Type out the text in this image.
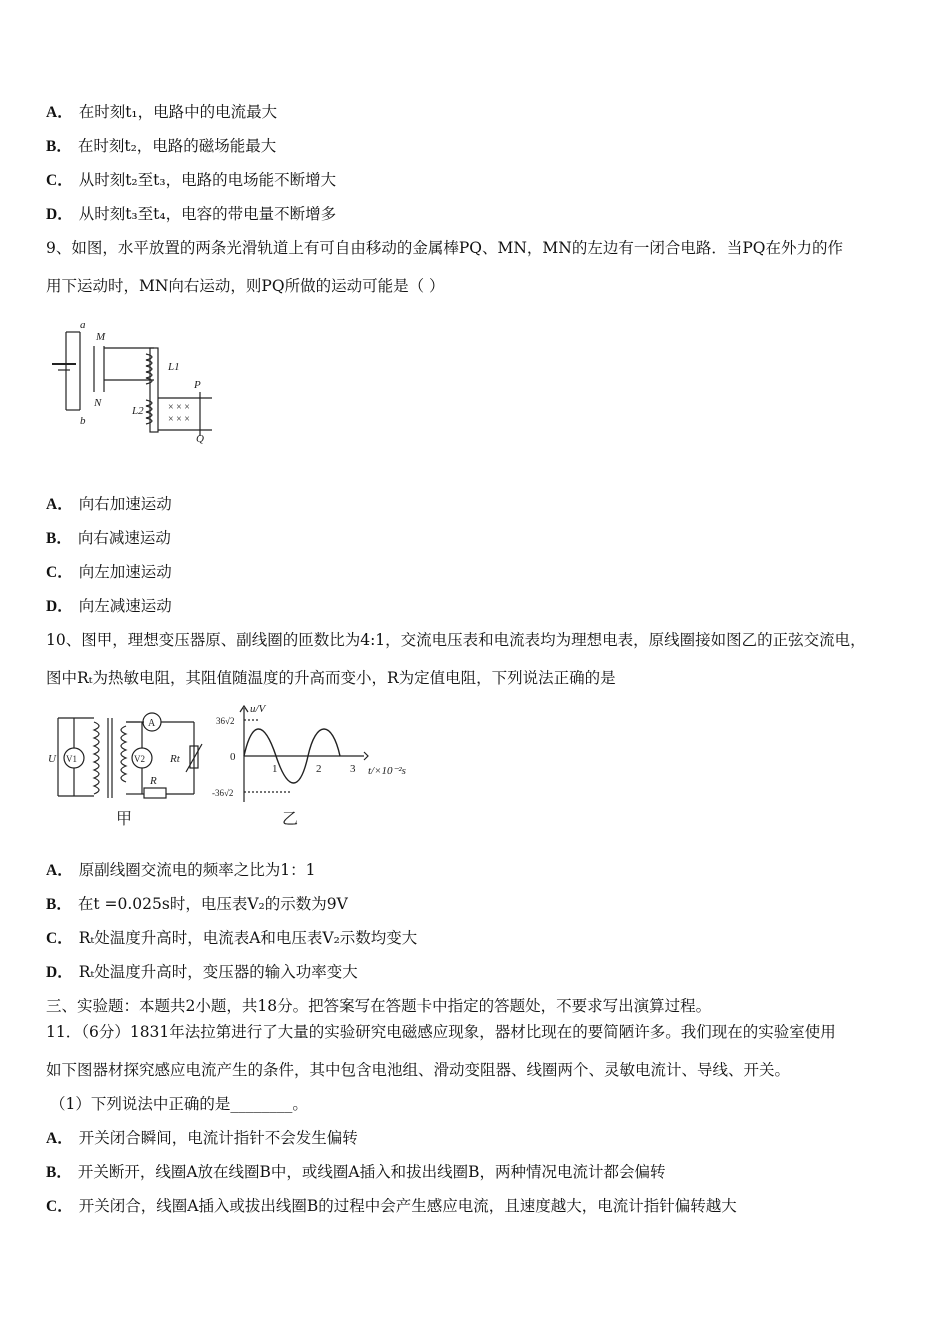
A． 在时刻t₁，电路中的电流最大
B． 在时刻t₂，电路的磁场能最大
C． 从时刻t₂至t₃，电路的电场能不断增大
D． 从时刻t₃至t₄，电容的带电量不断增多
9、如图，水平放置的两条光滑轨道上有可自由移动的金属棒PQ、MN，MN的左边有一闭合电路．当PQ在外力的作
用下运动时，MN向右运动，则PQ所做的运动可能是（ ）
a
b
M
N
L1
L2
P
Q
× × ×
× × ×
A． 向右加速运动
B． 向右减速运动
C． 向左加速运动
D． 向左减速运动
10、图甲，理想变压器原、副线圈的匝数比为4:1，交流电压表和电流表均为理想电表，原线圈接如图乙的正弦交流电，
图中Rₜ为热敏电阻，其阻值随温度的升高而变小，R为定值电阻，下列说法正确的是
U V1	V2
A
Rt
R
甲
u/V
36√2
-36√2
0
1	2	3 t/×10⁻²s
乙
A． 原副线圈交流电的频率之比为1：1
B． 在t =0.025s时，电压表V₂的示数为9V
C． Rₜ处温度升高时，电流表A和电压表V₂示数均变大
D． Rₜ处温度升高时，变压器的输入功率变大
三、实验题：本题共2小题，共18分。把答案写在答题卡中指定的答题处，不要求写出演算过程。
11．（6分）1831年法拉第进行了大量的实验研究电磁感应现象，器材比现在的要简陋许多。我们现在的实验室使用
如下图器材探究感应电流产生的条件，其中包含电池组、滑动变阻器、线圈两个、灵敏电流计、导线、开关。
（1）下列说法中正确的是________。
A． 开关闭合瞬间，电流计指针不会发生偏转
B． 开关断开，线圈A放在线圈B中，或线圈A插入和拔出线圈B，两种情况电流计都会偏转
C． 开关闭合，线圈A插入或拔出线圈B的过程中会产生感应电流，且速度越大，电流计指针偏转越大
